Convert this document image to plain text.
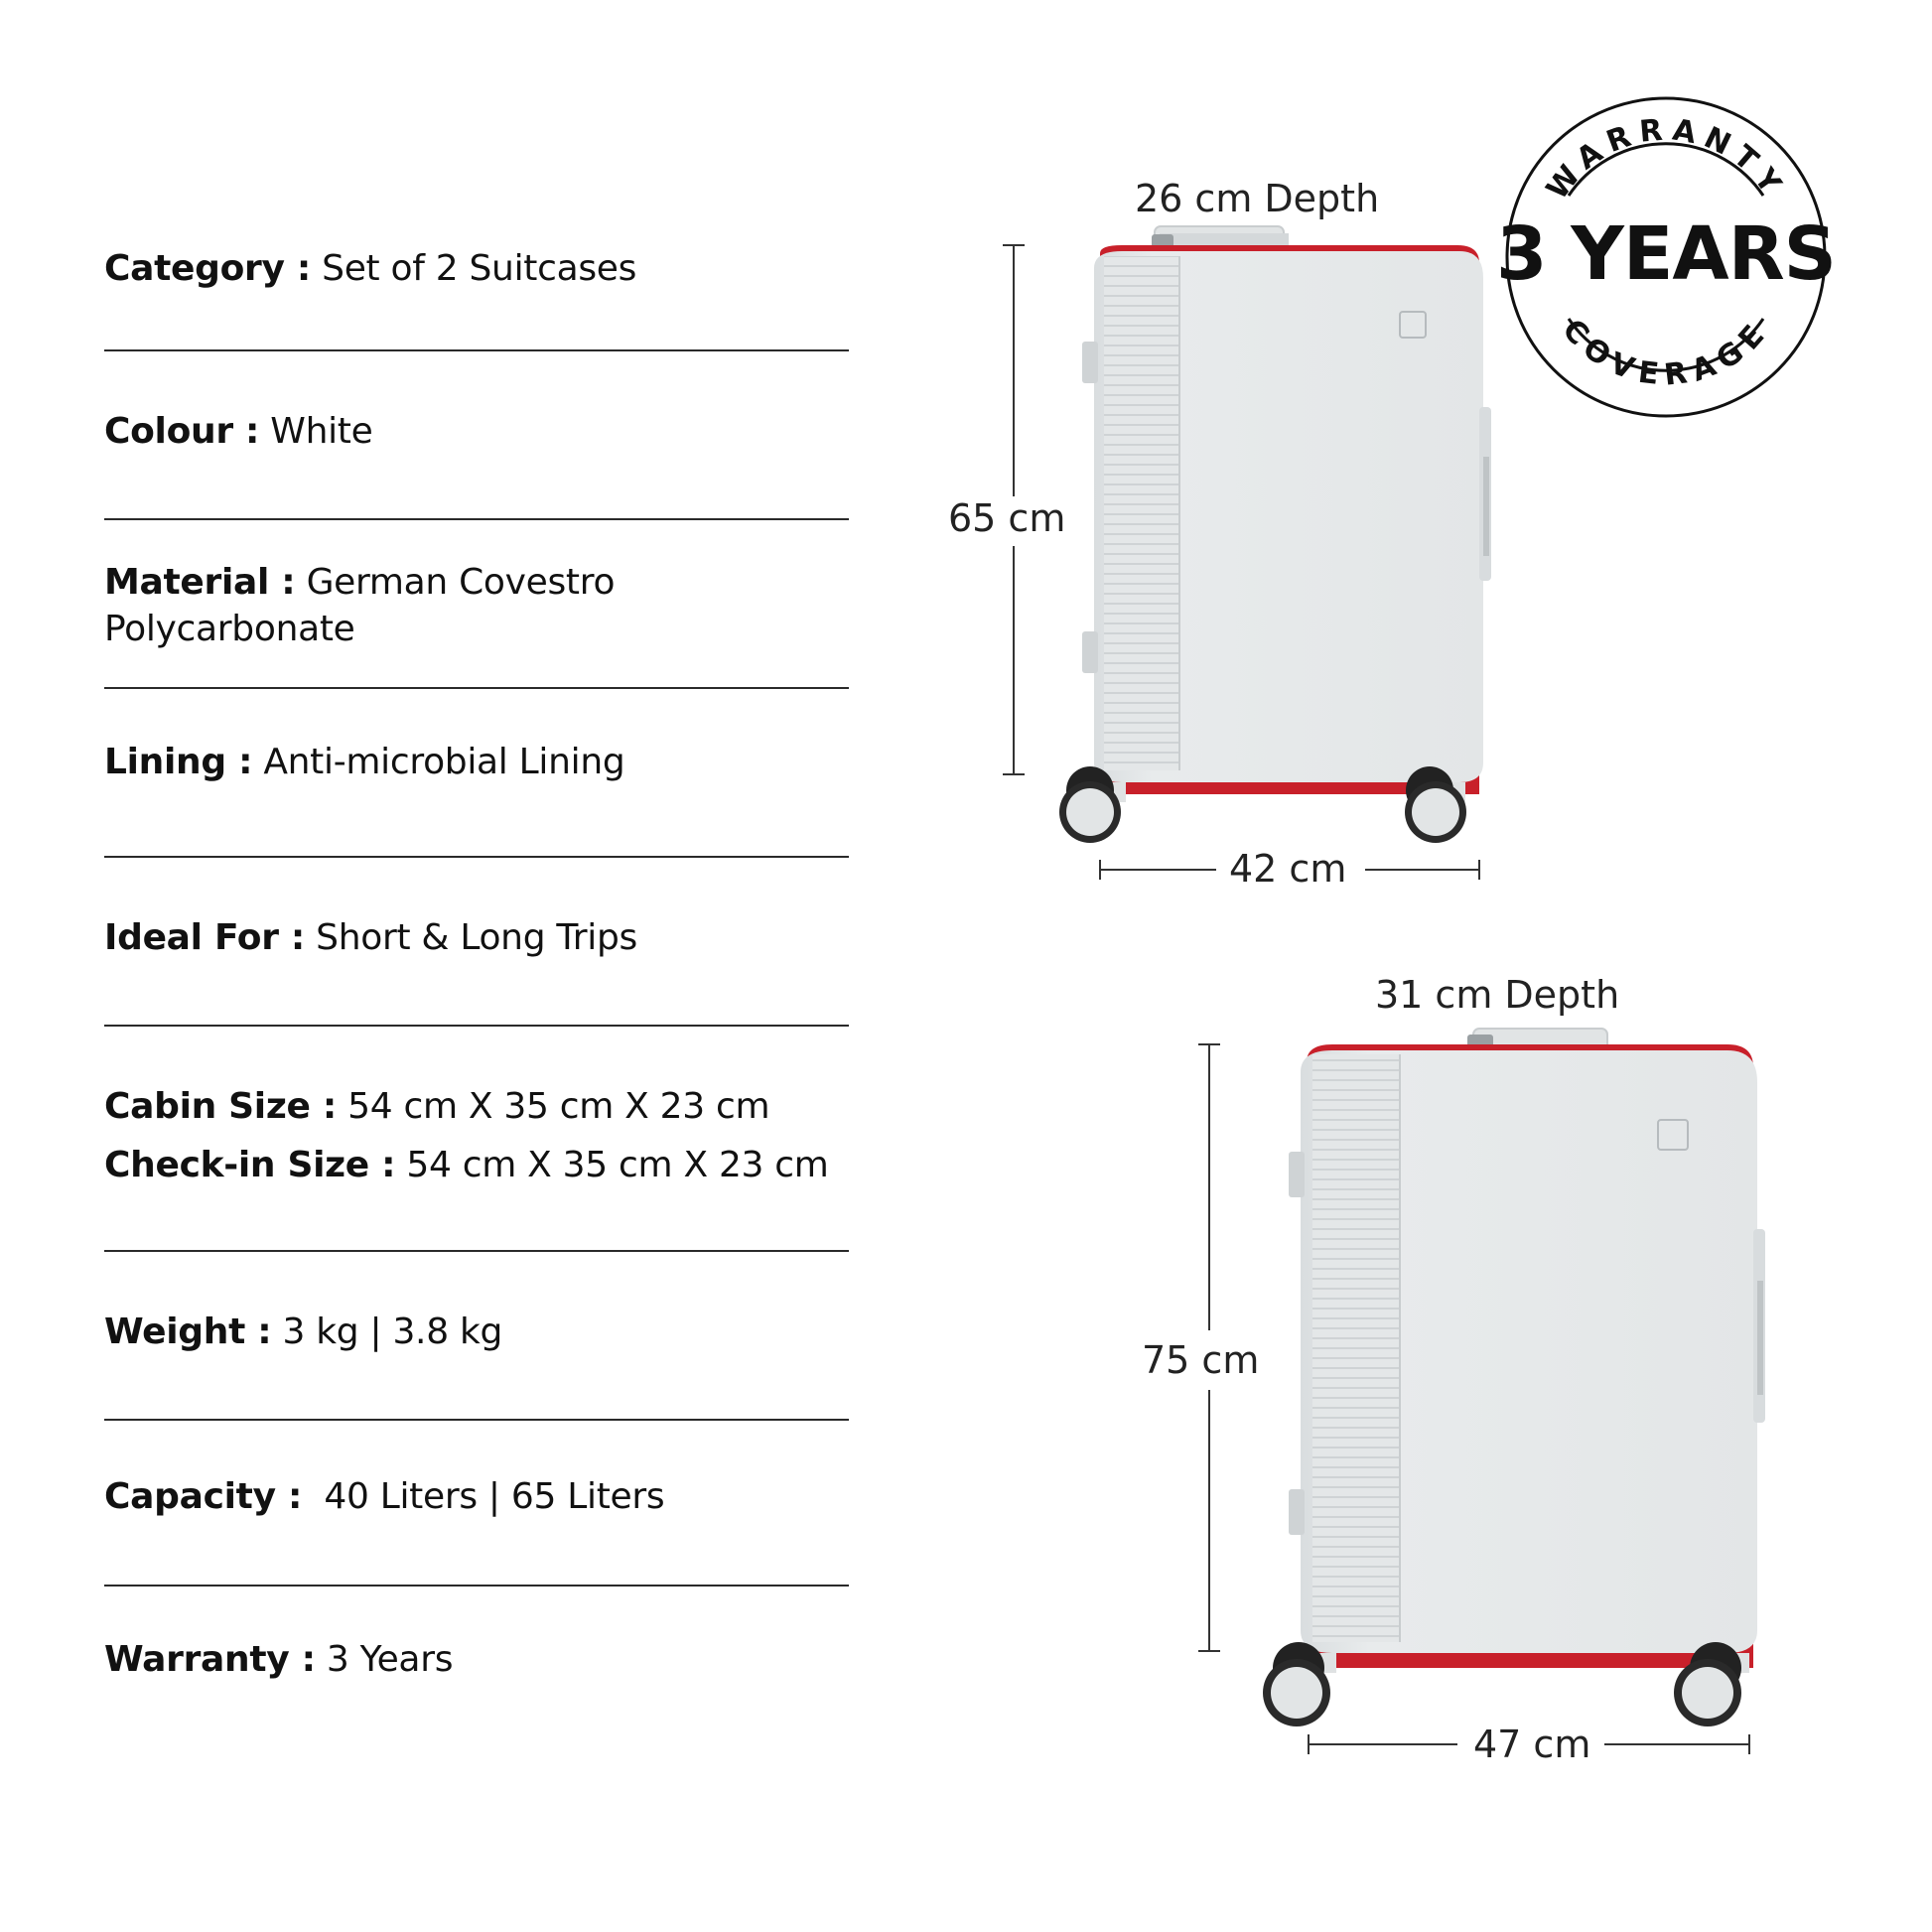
Category : Set of 2 Suitcases
Colour : White
Material : German Covestro
Polycarbonate
Lining : Anti-microbial Lining
Ideal For : Short & Long Trips
Cabin Size : 54 cm X 35 cm X 23 cm
Check-in Size : 54 cm X 35 cm X 23 cm
Weight : 3 kg | 3.8 kg
Capacity :  40 Liters | 65 Liters
Warranty : 3 Years
26 cm Depth
65 cm
42 cm
31 cm Depth
75 cm
47 cm
WARRANTY
3 YEARS
COVERAGE
